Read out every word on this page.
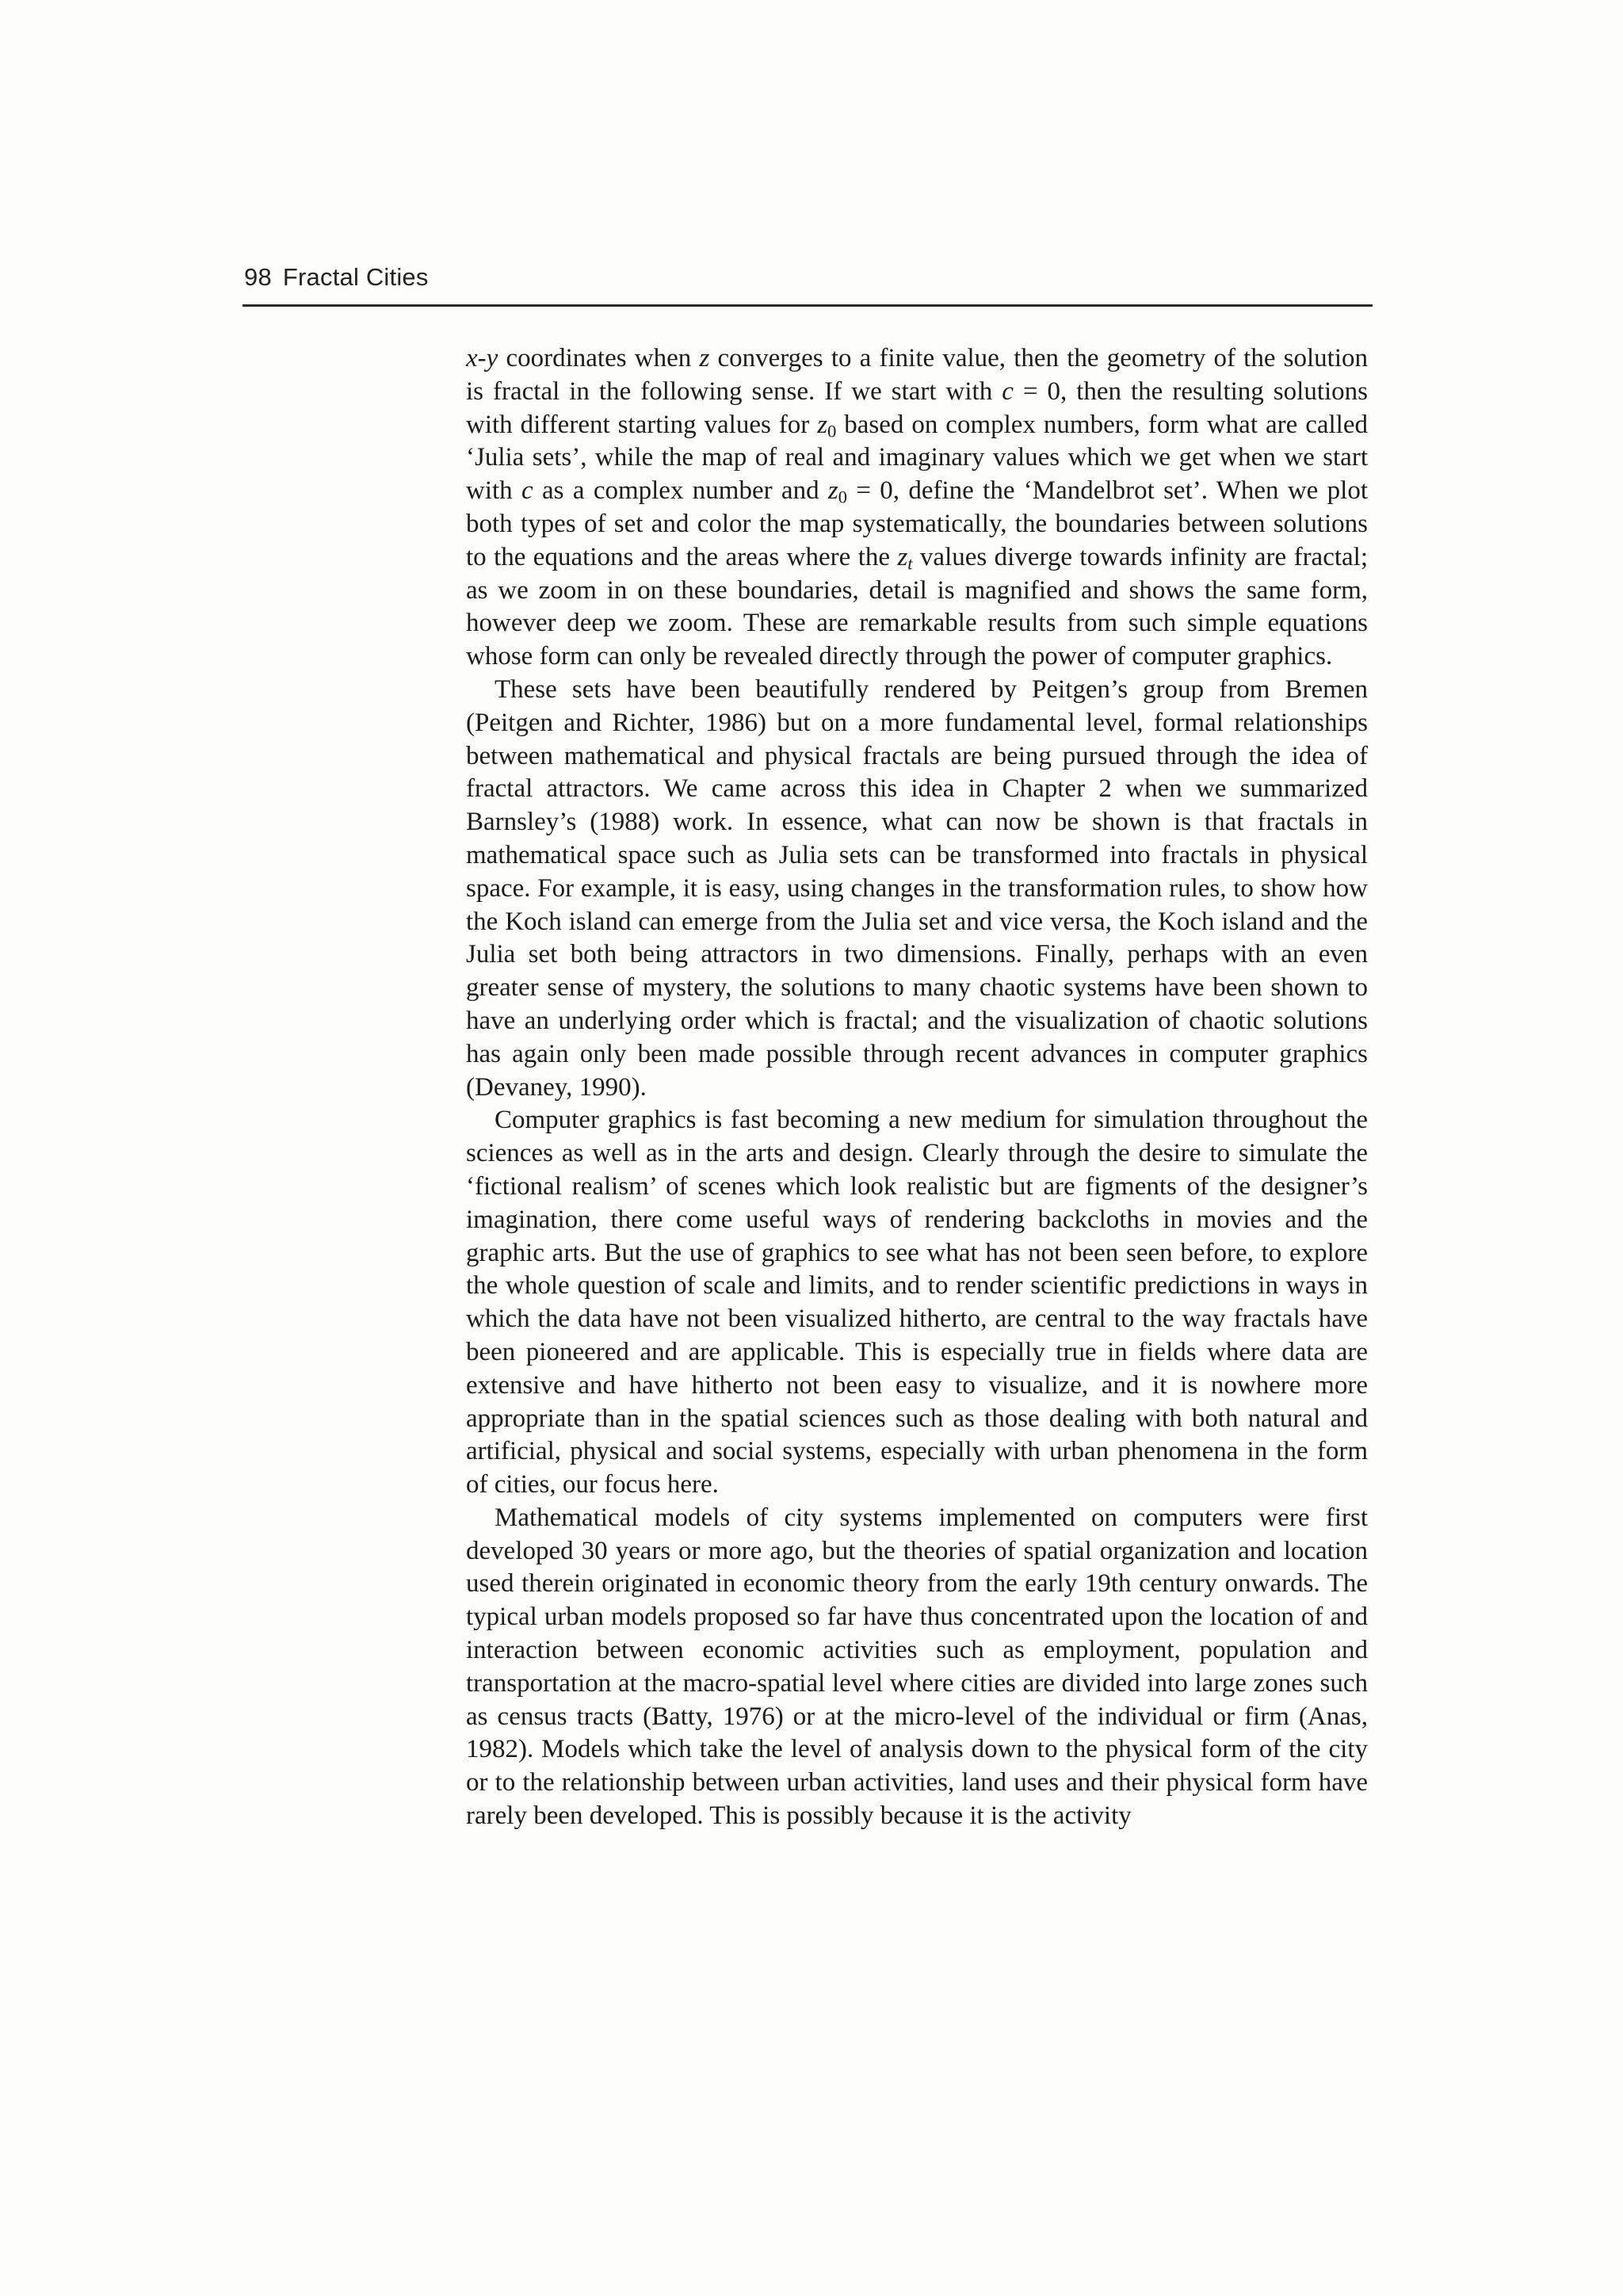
98 Fractal Cities

x-y coordinates when z converges to a finite value, then the geometry of the solution is fractal in the following sense. If we start with c = 0, then the resulting solutions with different starting values for $z_0$ based on complex numbers, form what are called ‘Julia sets’, while the map of real and imaginary values which we get when we start with c as a complex number and $z_0 = 0$, define the ‘Mandelbrot set’. When we plot both types of set and color the map systematically, the boundaries between solutions to the equations and the areas where the $z_t$ values diverge towards infinity are fractal; as we zoom in on these boundaries, detail is magnified and shows the same form, however deep we zoom. These are remarkable results from such simple equations whose form can only be revealed directly through the power of computer graphics.

These sets have been beautifully rendered by Peitgen’s group from Bremen (Peitgen and Richter, 1986) but on a more fundamental level, formal relationships between mathematical and physical fractals are being pursued through the idea of fractal attractors. We came across this idea in Chapter 2 when we summarized Barnsley’s (1988) work. In essence, what can now be shown is that fractals in mathematical space such as Julia sets can be transformed into fractals in physical space. For example, it is easy, using changes in the transformation rules, to show how the Koch island can emerge from the Julia set and vice versa, the Koch island and the Julia set both being attractors in two dimensions. Finally, perhaps with an even greater sense of mystery, the solutions to many chaotic systems have been shown to have an underlying order which is fractal; and the visualization of chaotic solutions has again only been made possible through recent advances in computer graphics (Devaney, 1990).

Computer graphics is fast becoming a new medium for simulation throughout the sciences as well as in the arts and design. Clearly through the desire to simulate the ‘fictional realism’ of scenes which look realistic but are figments of the designer’s imagination, there come useful ways of rendering backcloths in movies and the graphic arts. But the use of graphics to see what has not been seen before, to explore the whole question of scale and limits, and to render scientific predictions in ways in which the data have not been visualized hitherto, are central to the way fractals have been pioneered and are applicable. This is especially true in fields where data are extensive and have hitherto not been easy to visualize, and it is nowhere more appropriate than in the spatial sciences such as those dealing with both natural and artificial, physical and social systems, especially with urban phenomena in the form of cities, our focus here.

Mathematical models of city systems implemented on computers were first developed 30 years or more ago, but the theories of spatial organization and location used therein originated in economic theory from the early 19th century onwards. The typical urban models proposed so far have thus concentrated upon the location of and interaction between economic activities such as employment, population and transportation at the macro-spatial level where cities are divided into large zones such as census tracts (Batty, 1976) or at the micro-level of the individual or firm (Anas, 1982). Models which take the level of analysis down to the physical form of the city or to the relationship between urban activities, land uses and their physical form have rarely been developed. This is possibly because it is the activity
